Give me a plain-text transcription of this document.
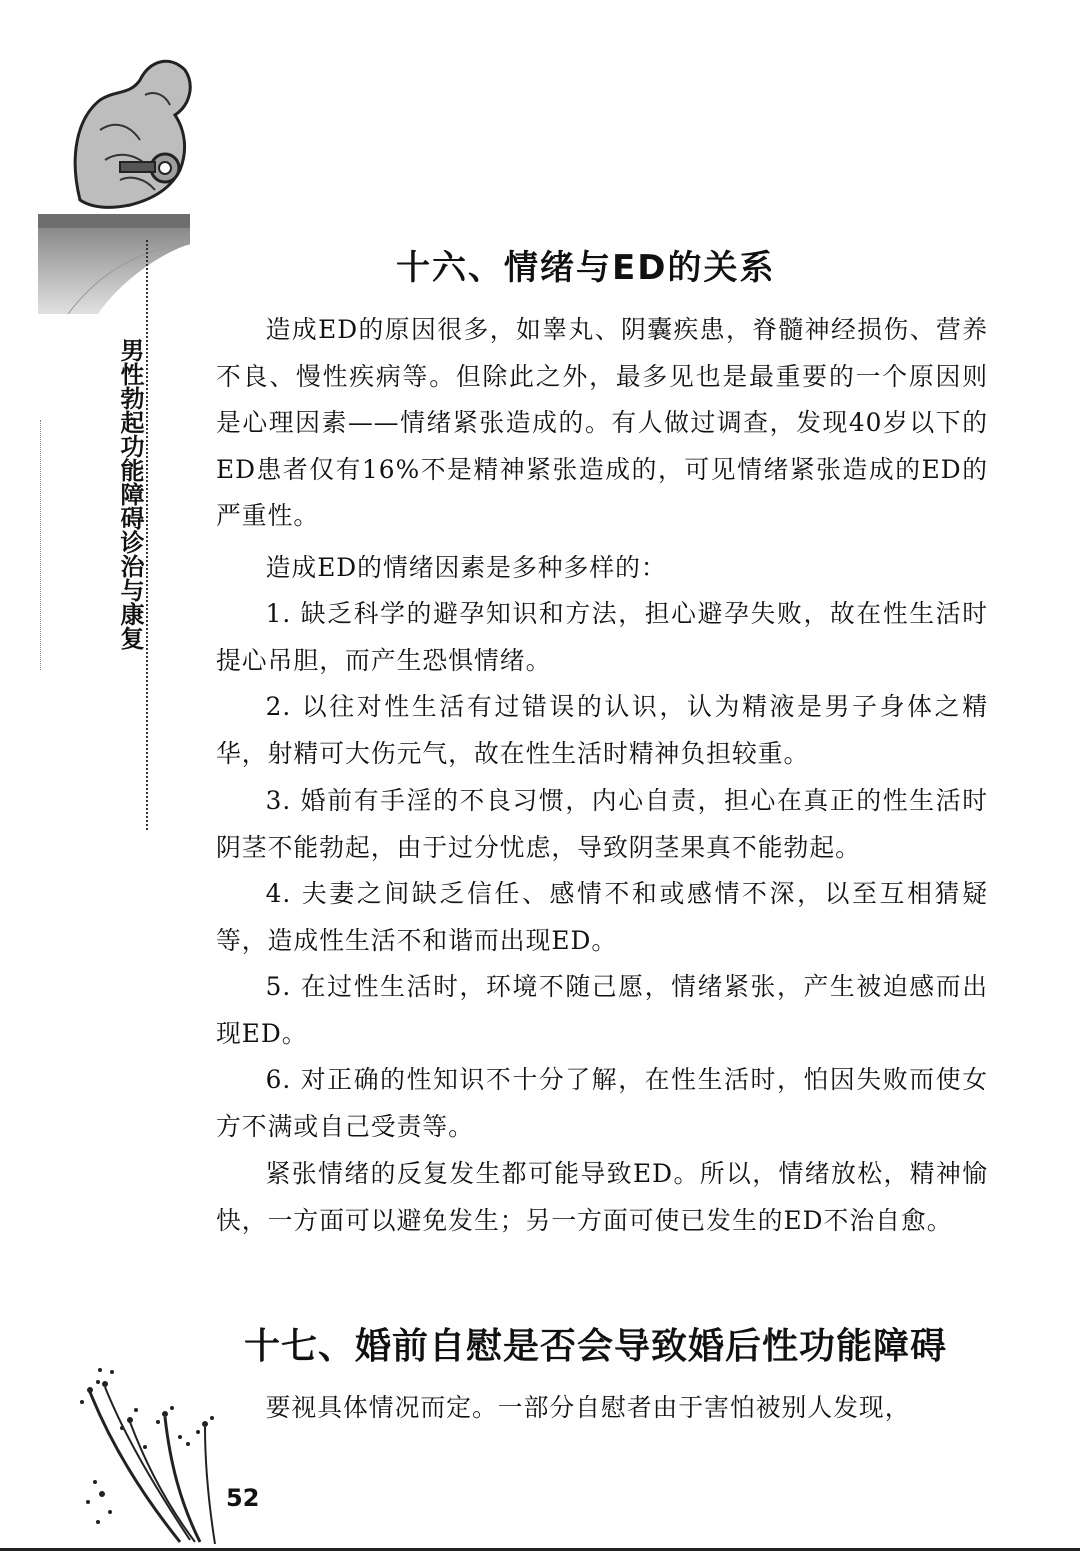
男性勃起功能障碍诊治与康复
十六、情绪与ED的关系

造成ED的原因很多，如睾丸、阴囊疾患，脊髓神经损伤、营养不良、慢性疾病等。但除此之外，最多见也是最重要的一个原因则是心理因素——情绪紧张造成的。有人做过调查，发现40岁以下的ED患者仅有16%不是精神紧张造成的，可见情绪紧张造成的ED的严重性。

造成ED的情绪因素是多种多样的：

1. 缺乏科学的避孕知识和方法，担心避孕失败，故在性生活时提心吊胆，而产生恐惧情绪。

2. 以往对性生活有过错误的认识，认为精液是男子身体之精华，射精可大伤元气，故在性生活时精神负担较重。

3. 婚前有手淫的不良习惯，内心自责，担心在真正的性生活时阴茎不能勃起，由于过分忧虑，导致阴茎果真不能勃起。

4. 夫妻之间缺乏信任、感情不和或感情不深，以至互相猜疑等，造成性生活不和谐而出现ED。

5. 在过性生活时，环境不随己愿，情绪紧张，产生被迫感而出现ED。

6. 对正确的性知识不十分了解，在性生活时，怕因失败而使女方不满或自己受责等。

紧张情绪的反复发生都可能导致ED。所以，情绪放松，精神愉快，一方面可以避免发生；另一方面可使已发生的ED不治自愈。

十七、婚前自慰是否会导致婚后性功能障碍

要视具体情况而定。一部分自慰者由于害怕被别人发现，

52
